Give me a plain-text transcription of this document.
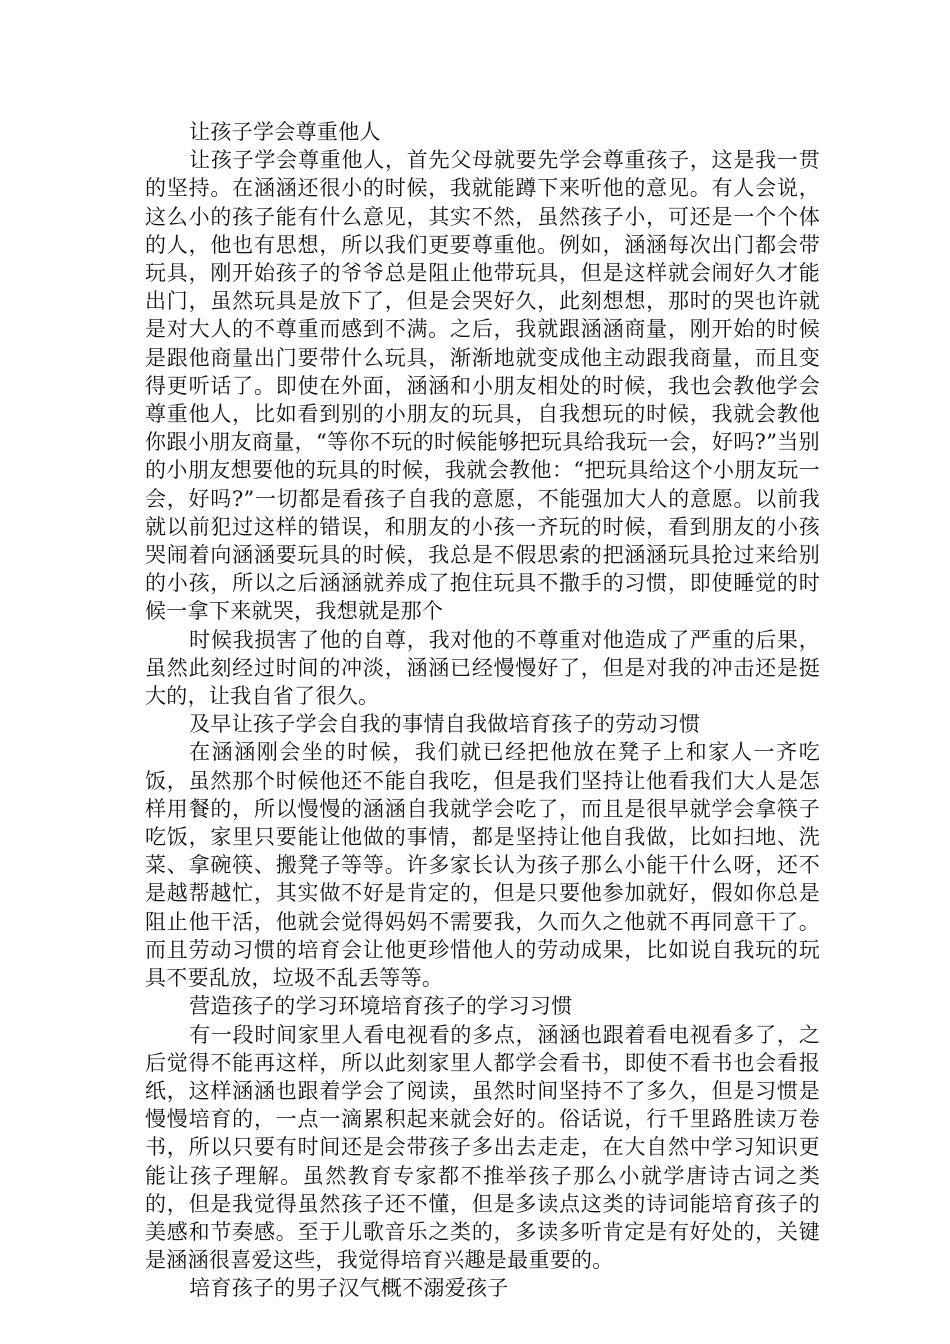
让孩子学会尊重他人

让孩子学会尊重他人，首先父母就要先学会尊重孩子，这是我一贯的坚持。在涵涵还很小的时候，我就能蹲下来听他的意见。有人会说，这么小的孩子能有什么意见，其实不然，虽然孩子小，可还是一个个体的人，他也有思想，所以我们更要尊重他。例如，涵涵每次出门都会带玩具，刚开始孩子的爷爷总是阻止他带玩具，但是这样就会闹好久才能出门，虽然玩具是放下了，但是会哭好久，此刻想想，那时的哭也许就是对大人的不尊重而感到不满。之后，我就跟涵涵商量，刚开始的时候是跟他商量出门要带什么玩具，渐渐地就变成他主动跟我商量，而且变得更听话了。即使在外面，涵涵和小朋友相处的时候，我也会教他学会尊重他人，比如看到别的小朋友的玩具，自我想玩的时候，我就会教他你跟小朋友商量，“等你不玩的时候能够把玩具给我玩一会，好吗?”当别的小朋友想要他的玩具的时候，我就会教他：“把玩具给这个小朋友玩一会，好吗?”一切都是看孩子自我的意愿，不能强加大人的意愿。以前我就以前犯过这样的错误，和朋友的小孩一齐玩的时候，看到朋友的小孩哭闹着向涵涵要玩具的时候，我总是不假思索的把涵涵玩具抢过来给别的小孩，所以之后涵涵就养成了抱住玩具不撒手的习惯，即使睡觉的时候一拿下来就哭，我想就是那个

时候我损害了他的自尊，我对他的不尊重对他造成了严重的后果，虽然此刻经过时间的冲淡，涵涵已经慢慢好了，但是对我的冲击还是挺大的，让我自省了很久。

及早让孩子学会自我的事情自我做培育孩子的劳动习惯

在涵涵刚会坐的时候，我们就已经把他放在凳子上和家人一齐吃饭，虽然那个时候他还不能自我吃，但是我们坚持让他看我们大人是怎样用餐的，所以慢慢的涵涵自我就学会吃了，而且是很早就学会拿筷子吃饭，家里只要能让他做的事情，都是坚持让他自我做，比如扫地、洗菜、拿碗筷、搬凳子等等。许多家长认为孩子那么小能干什么呀，还不是越帮越忙，其实做不好是肯定的，但是只要他参加就好，假如你总是阻止他干活，他就会觉得妈妈不需要我，久而久之他就不再同意干了。而且劳动习惯的培育会让他更珍惜他人的劳动成果，比如说自我玩的玩具不要乱放，垃圾不乱丢等等。

营造孩子的学习环境培育孩子的学习习惯

有一段时间家里人看电视看的多点，涵涵也跟着看电视看多了，之后觉得不能再这样，所以此刻家里人都学会看书，即使不看书也会看报纸，这样涵涵也跟着学会了阅读，虽然时间坚持不了多久，但是习惯是慢慢培育的，一点一滴累积起来就会好的。俗话说，行千里路胜读万卷书，所以只要有时间还是会带孩子多出去走走，在大自然中学习知识更能让孩子理解。虽然教育专家都不推举孩子那么小就学唐诗古词之类的，但是我觉得虽然孩子还不懂，但是多读点这类的诗词能培育孩子的美感和节奏感。至于儿歌音乐之类的，多读多听肯定是有好处的，关键是涵涵很喜爱这些，我觉得培育兴趣是最重要的。

培育孩子的男子汉气概不溺爱孩子
